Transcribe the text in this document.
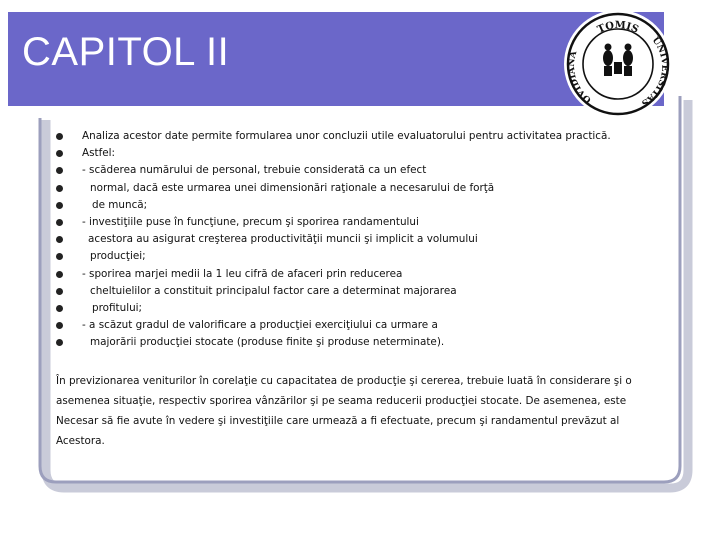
CAPITOL II
TOMIS
UNIVERSITAS
OVIDIANA
Analiza acestor date permite formularea unor concluzii utile evaluatorului pentru activitatea practică.
Astfel:
- scăderea numărului de personal, trebuie considerată ca un efect
normal, dacă este urmarea unei dimensionări raţionale a necesarului de forţă
de muncă;
- investiţiile puse în funcţiune, precum şi sporirea randamentului
acestora au asigurat creşterea productivităţii muncii şi implicit a volumului
producţiei;
- sporirea marjei medii la 1 leu cifră de afaceri prin reducerea
cheltuielilor a constituit principalul factor care a determinat majorarea
profitului;
- a scăzut gradul de valorificare a producţiei exerciţiului ca urmare a
majorării producţiei stocate (produse finite şi produse neterminate).
În previzionarea veniturilor în corelaţie cu capacitatea de producţie şi cererea, trebuie luată în considerare şi o
asemenea situaţie, respectiv sporirea vânzărilor şi pe seama reducerii producţiei stocate. De asemenea, este
Necesar să fie avute în vedere şi investiţiile care urmează a fi efectuate, precum şi randamentul prevăzut al
Acestora.
